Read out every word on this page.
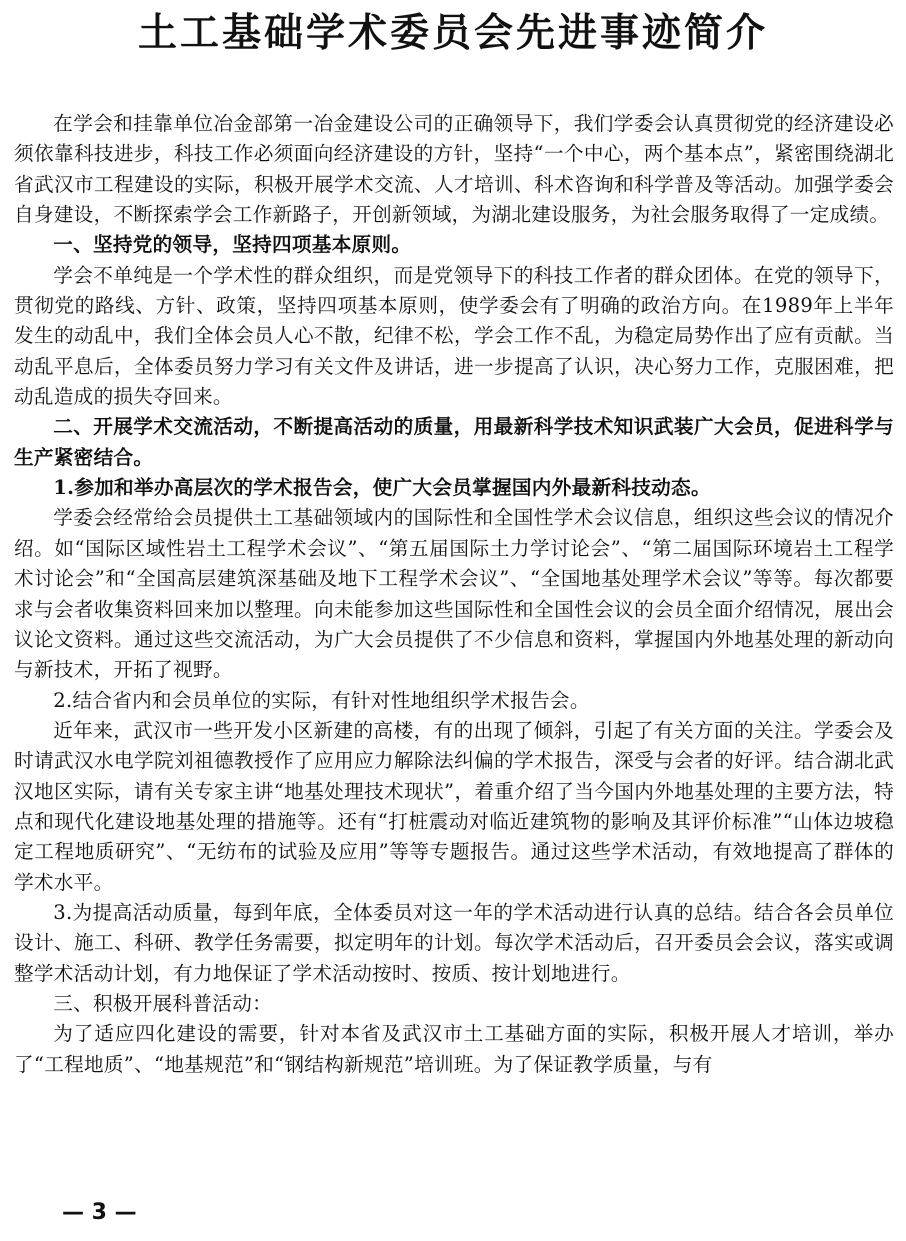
土工基础学术委员会先进事迹简介

在学会和挂靠单位冶金部第一冶金建设公司的正确领导下，我们学委会认真贯彻党的经济建设必须依靠科技进步，科技工作必须面向经济建设的方针，坚持“一个中心，两个基本点”，紧密围绕湖北省武汉市工程建设的实际，积极开展学术交流、人才培训、科术咨询和科学普及等活动。加强学委会自身建设，不断探索学会工作新路子，开创新领域，为湖北建设服务，为社会服务取得了一定成绩。

一、坚持党的领导，坚持四项基本原则。

学会不单纯是一个学术性的群众组织，而是党领导下的科技工作者的群众团体。在党的领导下，贯彻党的路线、方针、政策，坚持四项基本原则，使学委会有了明确的政治方向。在1989年上半年发生的动乱中，我们全体会员人心不散，纪律不松，学会工作不乱，为稳定局势作出了应有贡献。当动乱平息后，全体委员努力学习有关文件及讲话，进一步提高了认识，决心努力工作，克服困难，把动乱造成的损失夺回来。

二、开展学术交流活动，不断提高活动的质量，用最新科学技术知识武装广大会员，促进科学与生产紧密结合。

1.参加和举办高层次的学术报告会，使广大会员掌握国内外最新科技动态。

学委会经常给会员提供土工基础领域内的国际性和全国性学术会议信息，组织这些会议的情况介绍。如“国际区域性岩土工程学术会议”、“第五届国际土力学讨论会”、“第二届国际环境岩土工程学术讨论会”和“全国高层建筑深基础及地下工程学术会议”、“全国地基处理学术会议”等等。每次都要求与会者收集资料回来加以整理。向未能参加这些国际性和全国性会议的会员全面介绍情况，展出会议论文资料。通过这些交流活动，为广大会员提供了不少信息和资料，掌握国内外地基处理的新动向与新技术，开拓了视野。

2.结合省内和会员单位的实际，有针对性地组织学术报告会。

近年来，武汉市一些开发小区新建的高楼，有的出现了倾斜，引起了有关方面的关注。学委会及时请武汉水电学院刘祖德教授作了应用应力解除法纠偏的学术报告，深受与会者的好评。结合湖北武汉地区实际，请有关专家主讲“地基处理技术现状”，着重介绍了当今国内外地基处理的主要方法，特点和现代化建设地基处理的措施等。还有“打桩震动对临近建筑物的影响及其评价标准”“山体边坡稳定工程地质研究”、“无纺布的试验及应用”等等专题报告。通过这些学术活动，有效地提高了群体的学术水平。

3.为提高活动质量，每到年底，全体委员对这一年的学术活动进行认真的总结。结合各会员单位设计、施工、科研、教学任务需要，拟定明年的计划。每次学术活动后，召开委员会会议，落实或调整学术活动计划，有力地保证了学术活动按时、按质、按计划地进行。

三、积极开展科普活动：

为了适应四化建设的需要，针对本省及武汉市土工基础方面的实际，积极开展人才培训，举办了“工程地质”、“地基规范”和“钢结构新规范”培训班。为了保证教学质量，与有

— 3 —
